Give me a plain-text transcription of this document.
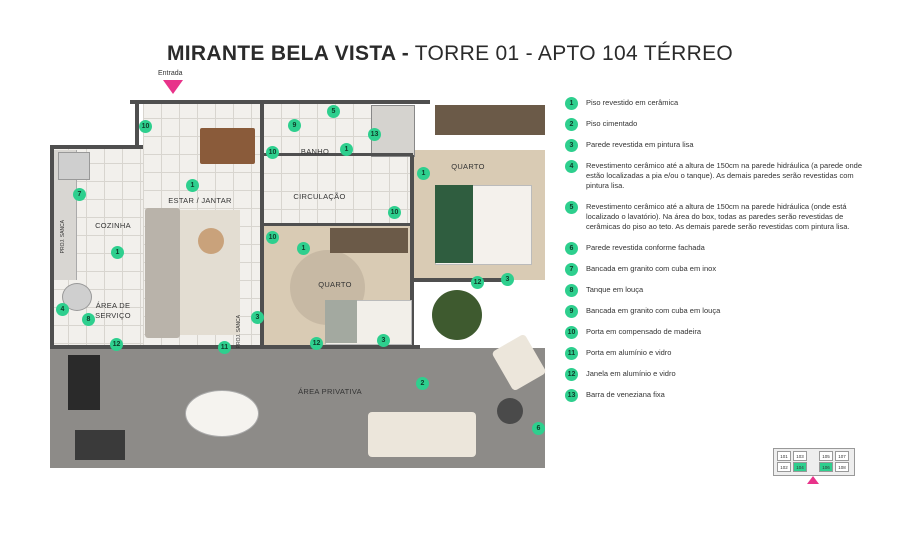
MIRANTE BELA VISTA - TORRE 01 - APTO 104 TÉRREO
Entrada
ESTAR / JANTAR
COZINHA
ÁREA DE
SERVIÇO
BANHO
CIRCULAÇÃO
QUARTO
QUARTO
ÁREA PRIVATIVA
PROJ. SANCA
PROJ. SANCA
1
1
1
1
1
2
3
3
3
4
5
6
7
8
9
10
10
10
10
11
12	12
12
13
1	Piso revestido em cerâmica
2	Piso cimentado
3	Parede revestida em pintura lisa
4	Revestimento cerâmico até a altura de 150cm na parede hidráulica (a parede onde estão localizadas a pia e/ou o tanque). As demais paredes serão revestidas com pintura lisa.
5	Revestimento cerâmico até a altura de 150cm na parede hidráulica (onde está localizado o lavatório). Na área do box, todas as paredes serão revestidas de cerâmicas do piso ao teto. As demais parede serão revestidas com pintura lisa.
6	Parede revestida conforme fachada
7	Bancada em granito com cuba em inox
8	Tanque em louça
9	Bancada em granito com cuba em louça
10	Porta em compensado de madeira
11	Porta em alumínio e vidro
12	Janela em alumínio e vidro
13	Barra de veneziana fixa
101	103	105	107
102	104	106	108
